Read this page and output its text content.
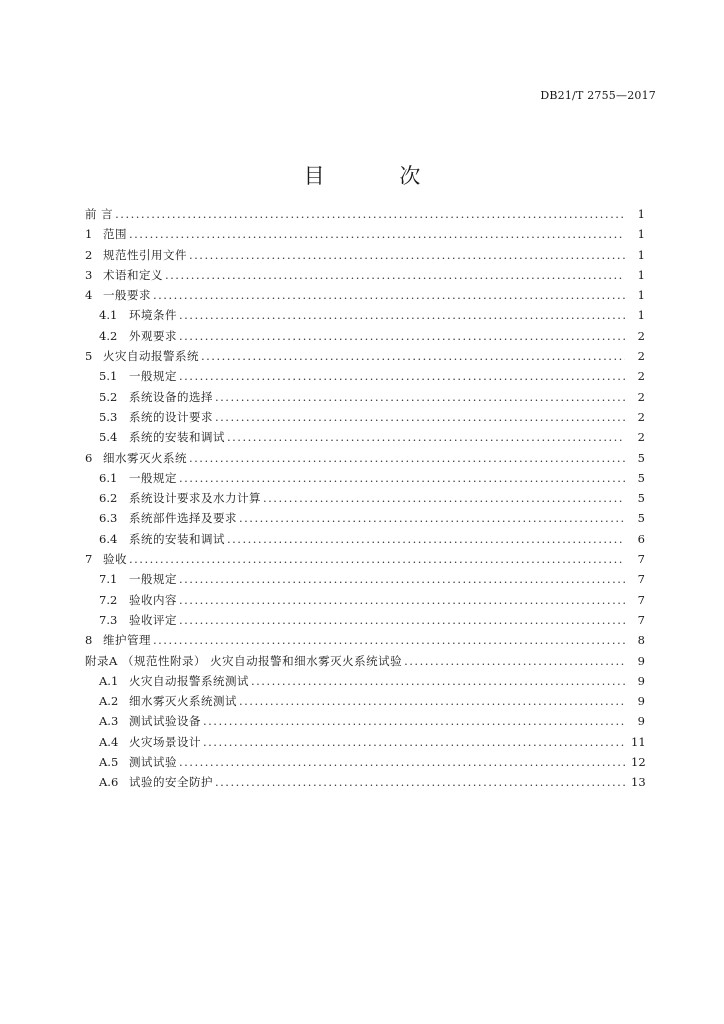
DB21/T 2755—2017
目 次
前 言 .....	1
1 范围 .....	1
2 规范性引用文件 .....	1
3 术语和定义 .....	1
4 一般要求 .....	1
4.1	环境条件 .....	1
4.2	外观要求 .....	2
5 火灾自动报警系统 .....	2
5.1	一般规定 .....	2
5.2	系统设备的选择 .....	2
5.3	系统的设计要求 .....	2
5.4	系统的安装和调试 .....	2
6 细水雾灭火系统 .....	5
6.1	一般规定 .....	5
6.2	系统设计要求及水力计算 .....	5
6.3	系统部件选择及要求 .....	5
6.4	系统的安装和调试 .....	6
7 验收 .....	7
7.1	一般规定 .....	7
7.2	验收内容 .....	7
7.3	验收评定 .....	7
8 维护管理 .....	8
附录A （规范性附录） 火灾自动报警和细水雾灭火系统试验 .....	9
A.1 火灾自动报警系统测试 .....	9
A.2 细水雾灭火系统测试 .....	9
A.3 测试试验设备 .....	9
A.4 火灾场景设计 .....	11
A.5 测试试验 .....	12
A.6 试验的安全防护 .....	13
